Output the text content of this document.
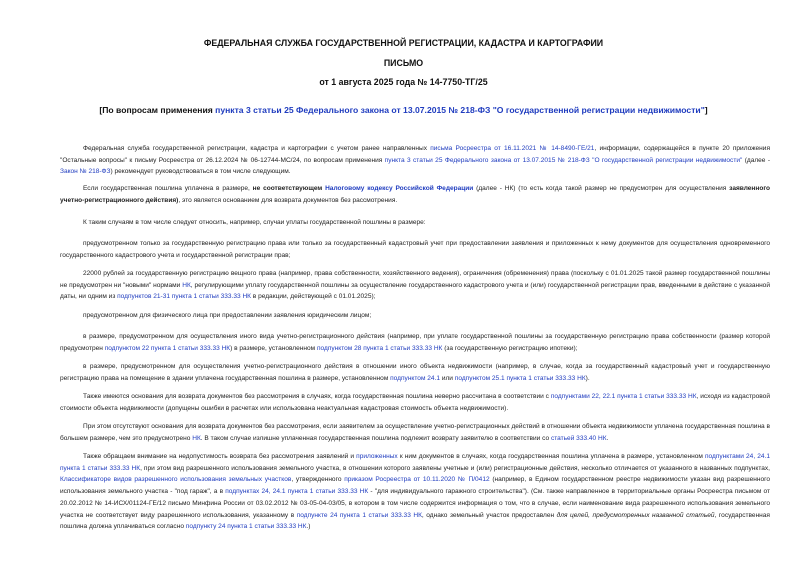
ФЕДЕРАЛЬНАЯ СЛУЖБА ГОСУДАРСТВЕННОЙ РЕГИСТРАЦИИ, КАДАСТРА И КАРТОГРАФИИ
ПИСЬМО
от 1 августа 2025 года № 14-7750-ТГ/25
[По вопросам применения пункта 3 статьи 25 Федерального закона от 13.07.2015 № 218-ФЗ "О государственной регистрации недвижимости"]

Федеральная служба государственной регистрации, кадастра и картографии с учетом ранее направленных письма Росреестра от 16.11.2021 № 14-8490-ГЕ/21, информации, содержащейся в пункте 20 приложения "Остальные вопросы" к письму Росреестра от 26.12.2024 № 06-12744-МС/24, по вопросам применения пункта 3 статьи 25 Федерального закона от 13.07.2015 № 218-ФЗ "О государственной регистрации недвижимости" (далее - Закон № 218-ФЗ) рекомендует руководствоваться в том числе следующим.

Если государственная пошлина уплачена в размере, не соответствующем Налоговому кодексу Российской Федерации (далее - НК) (то есть когда такой размер не предусмотрен для осуществления заявленного учетно-регистрационного действия), это является основанием для возврата документов без рассмотрения.

К таким случаям в том числе следует относить, например, случаи уплаты государственной пошлины в размере:

предусмотренном только за государственную регистрацию права или только за государственный кадастровый учет при предоставлении заявления и приложенных к нему документов для осуществления одновременного государственного кадастрового учета и государственной регистрации прав;

22000 рублей за государственную регистрацию вещного права (например, права собственности, хозяйственного ведения), ограничения (обременения) права (поскольку с 01.01.2025 такой размер государственной пошлины не предусмотрен ни "новыми" нормами НК, регулирующими уплату государственной пошлины за осуществление государственного кадастрового учета и (или) государственной регистрации прав, введенными в действие с указанной даты, ни одним из подпунктов 21-31 пункта 1 статьи 333.33 НК в редакции, действующей с 01.01.2025);

предусмотренном для физического лица при предоставлении заявления юридическим лицом;

в размере, предусмотренном для осуществления иного вида учетно-регистрационного действия (например, при уплате государственной пошлины за государственную регистрацию права собственности (размер которой предусмотрен подпунктом 22 пункта 1 статьи 333.33 НК) в размере, установленном подпунктом 28 пункта 1 статьи 333.33 НК (за государственную регистрацию ипотеки);

в размере, предусмотренном для осуществления учетно-регистрационного действия в отношении иного объекта недвижимости (например, в случае, когда за государственный кадастровый учет и государственную регистрацию права на помещение в здании уплачена государственная пошлина в размере, установленном подпунктом 24.1 или подпунктом 25.1 пункта 1 статьи 333.33 НК).

Также имеются основания для возврата документов без рассмотрения в случаях, когда государственная пошлина неверно рассчитана в соответствии с подпунктами 22, 22.1 пункта 1 статьи 333.33 НК, исходя из кадастровой стоимости объекта недвижимости (допущены ошибки в расчетах или использована неактуальная кадастровая стоимость объекта недвижимости).

При этом отсутствуют основания для возврата документов без рассмотрения, если заявителем за осуществление учетно-регистрационных действий в отношении объекта недвижимости уплачена государственная пошлина в большем размере, чем это предусмотрено НК. В таком случае излишне уплаченная государственная пошлина подлежит возврату заявителю в соответствии со статьей 333.40 НК.

Также обращаем внимание на недопустимость возврата без рассмотрения заявлений и приложенных к ним документов в случаях, когда государственная пошлина уплачена в размере, установленном подпунктами 24, 24.1 пункта 1 статьи 333.33 НК, при этом вид разрешенного использования земельного участка, в отношении которого заявлены учетные и (или) регистрационные действия, несколько отличается от указанного в названных подпунктах, Классификаторе видов разрешенного использования земельных участков, утвержденного приказом Росреестра от 10.11.2020 № П/0412 (например, в Едином государственном реестре недвижимости указан вид разрешенного использования земельного участка - "под гараж", а в подпунктах 24, 24.1 пункта 1 статьи 333.33 НК - "для индивидуального гаражного строительства"). (См. также направленное в территориальные органы Росреестра письмом от 20.02.2012 № 14-ИСХ/01124-ГЕ/12 письмо Минфина России от 03.02.2012 № 03-05-04-03/05, в котором в том числе содержится информация о том, что в случае, если наименование вида разрешенного использования земельного участка не соответствует виду разрешенного использования, указанному в подпункте 24 пункта 1 статьи 333.33 НК, однако земельный участок предоставлен для целей, предусмотренных названной статьей, государственная пошлина должна уплачиваться согласно подпункту 24 пункта 1 статьи 333.33 НК.)
